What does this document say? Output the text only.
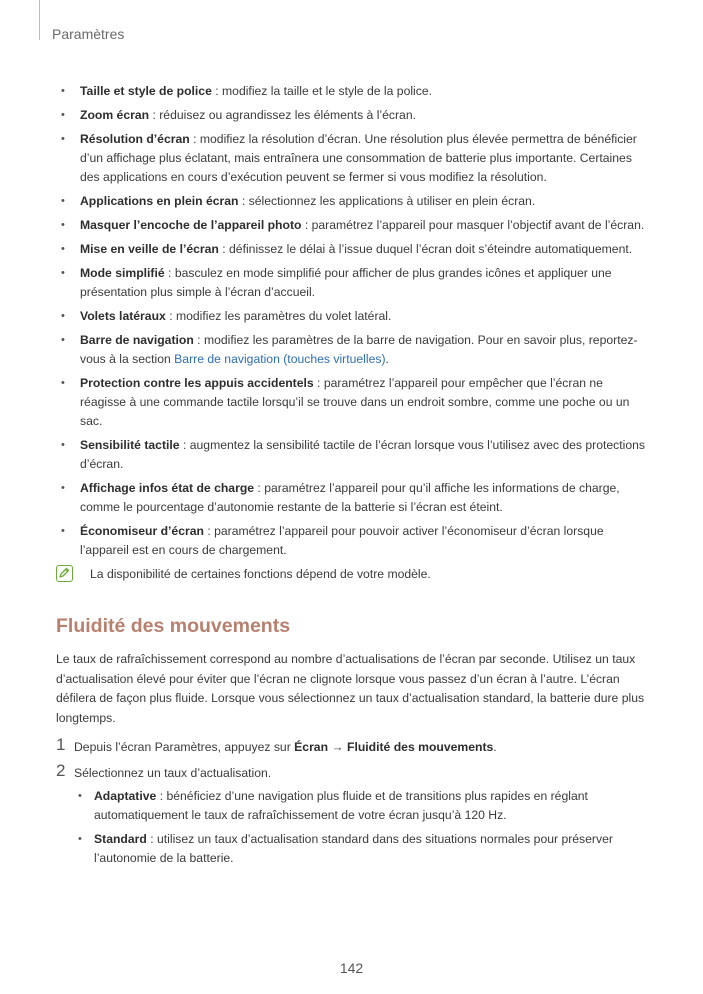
Paramètres
• Taille et style de police : modifiez la taille et le style de la police.
• Zoom écran : réduisez ou agrandissez les éléments à l’écran.
• Résolution d’écran : modifiez la résolution d’écran. Une résolution plus élevée permettra de bénéficier d’un affichage plus éclatant, mais entraînera une consommation de batterie plus importante. Certaines des applications en cours d’exécution peuvent se fermer si vous modifiez la résolution.
• Applications en plein écran : sélectionnez les applications à utiliser en plein écran.
• Masquer l’encoche de l’appareil photo : paramétrez l’appareil pour masquer l’objectif avant de l’écran.
• Mise en veille de l’écran : définissez le délai à l’issue duquel l’écran doit s’éteindre automatiquement.
• Mode simplifié : basculez en mode simplifié pour afficher de plus grandes icônes et appliquer une présentation plus simple à l’écran d’accueil.
• Volets latéraux : modifiez les paramètres du volet latéral.
• Barre de navigation : modifiez les paramètres de la barre de navigation. Pour en savoir plus, reportez-vous à la section Barre de navigation (touches virtuelles).
• Protection contre les appuis accidentels : paramétrez l’appareil pour empêcher que l’écran ne réagisse à une commande tactile lorsqu’il se trouve dans un endroit sombre, comme une poche ou un sac.
• Sensibilité tactile : augmentez la sensibilité tactile de l’écran lorsque vous l’utilisez avec des protections d’écran.
• Affichage infos état de charge : paramétrez l’appareil pour qu’il affiche les informations de charge, comme le pourcentage d’autonomie restante de la batterie si l’écran est éteint.
• Économiseur d’écran : paramétrez l’appareil pour pouvoir activer l’économiseur d’écran lorsque l’appareil est en cours de chargement.
La disponibilité de certaines fonctions dépend de votre modèle.
Fluidité des mouvements

Le taux de rafraîchissement correspond au nombre d’actualisations de l’écran par seconde. Utilisez un taux d’actualisation élevé pour éviter que l’écran ne clignote lorsque vous passez d’un écran à l’autre. L’écran défilera de façon plus fluide. Lorsque vous sélectionnez un taux d’actualisation standard, la batterie dure plus longtemps.

1 Depuis l’écran Paramètres, appuyez sur Écran → Fluidité des mouvements.
2 Sélectionnez un taux d’actualisation.
• Adaptative : bénéficiez d’une navigation plus fluide et de transitions plus rapides en réglant automatiquement le taux de rafraîchissement de votre écran jusqu’à 120 Hz.
• Standard : utilisez un taux d’actualisation standard dans des situations normales pour préserver l’autonomie de la batterie.
142
